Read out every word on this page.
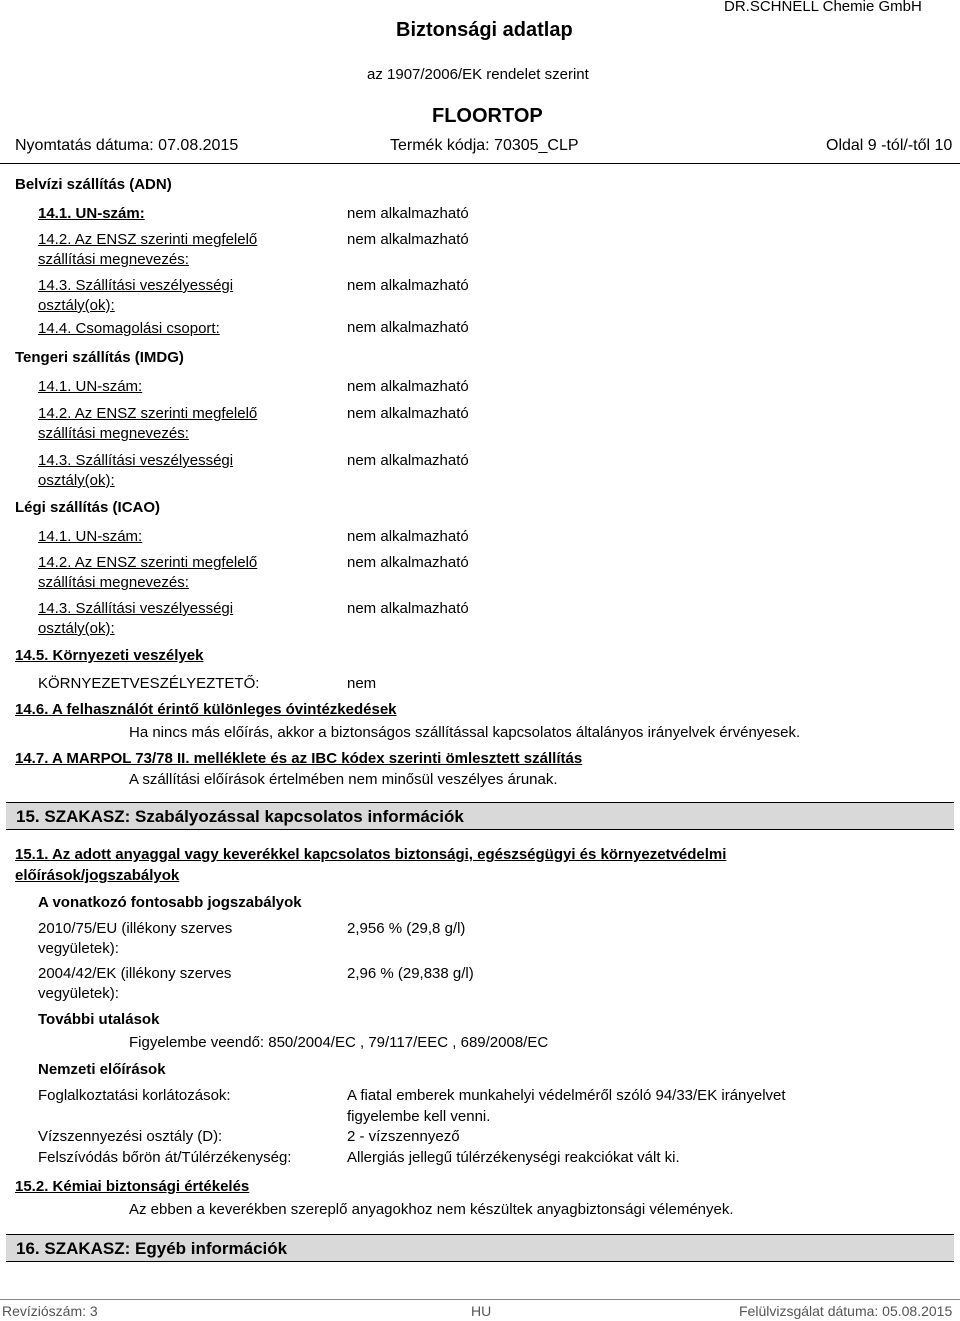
Biztonsági adatlap
DR.SCHNELL Chemie GmbH
az 1907/2006/EK rendelet szerint
FLOORTOP
Nyomtatás dátuma: 07.08.2015	Termék kódja: 70305_CLP	Oldal 9 -tól/-től 10
Belvízi szállítás (ADN)
14.1. UN-szám:	nem alkalmazható
14.2. Az ENSZ szerinti megfelelő
szállítási megnevezés:
nem alkalmazható
14.3. Szállítási veszélyességi
osztály(ok):
nem alkalmazható
14.4. Csomagolási csoport:	nem alkalmazható
Tengeri szállítás (IMDG)
14.1. UN-szám:	nem alkalmazható
14.2. Az ENSZ szerinti megfelelő
szállítási megnevezés:
nem alkalmazható
14.3. Szállítási veszélyességi
osztály(ok):
nem alkalmazható
Légi szállítás (ICAO)
14.1. UN-szám:	nem alkalmazható
14.2. Az ENSZ szerinti megfelelő
szállítási megnevezés:
nem alkalmazható
14.3. Szállítási veszélyességi
osztály(ok):
nem alkalmazható
14.5. Környezeti veszélyek
KÖRNYEZETVESZÉLYEZTETŐ:	nem
14.6. A felhasználót érintő különleges óvintézkedések
Ha nincs más előírás, akkor a biztonságos szállítással kapcsolatos általányos irányelvek érvényesek.
14.7. A MARPOL 73/78 II. melléklete és az IBC kódex szerinti ömlesztett szállítás
A szállítási előírások értelmében nem minősül veszélyes árunak.
15. SZAKASZ: Szabályozással kapcsolatos információk
15.1. Az adott anyaggal vagy keverékkel kapcsolatos biztonsági, egészségügyi és környezetvédelmi
előírások/jogszabályok
A vonatkozó fontosabb jogszabályok
2010/75/EU (illékony szerves
vegyületek):
2,956 % (29,8 g/l)
2004/42/EK (illékony szerves
vegyületek):
2,96 % (29,838 g/l)
További utalások
Figyelembe veendő: 850/2004/EC , 79/117/EEC , 689/2008/EC
Nemzeti előírások
Foglalkoztatási korlátozások:	A fiatal emberek munkahelyi védelméről szóló 94/33/EK irányelvet
figyelembe kell venni.
Vízszennyezési osztály (D):	2 - vízszennyező
Felszívódás bőrön át/Túlérzékenység:	Allergiás jellegű túlérzékenységi reakciókat vált ki.
15.2. Kémiai biztonsági értékelés
Az ebben a keverékben szereplő anyagokhoz nem készültek anyagbiztonsági vélemények.
16. SZAKASZ: Egyéb információk
Revíziószám: 3	HU	Felülvizsgálat dátuma: 05.08.2015
